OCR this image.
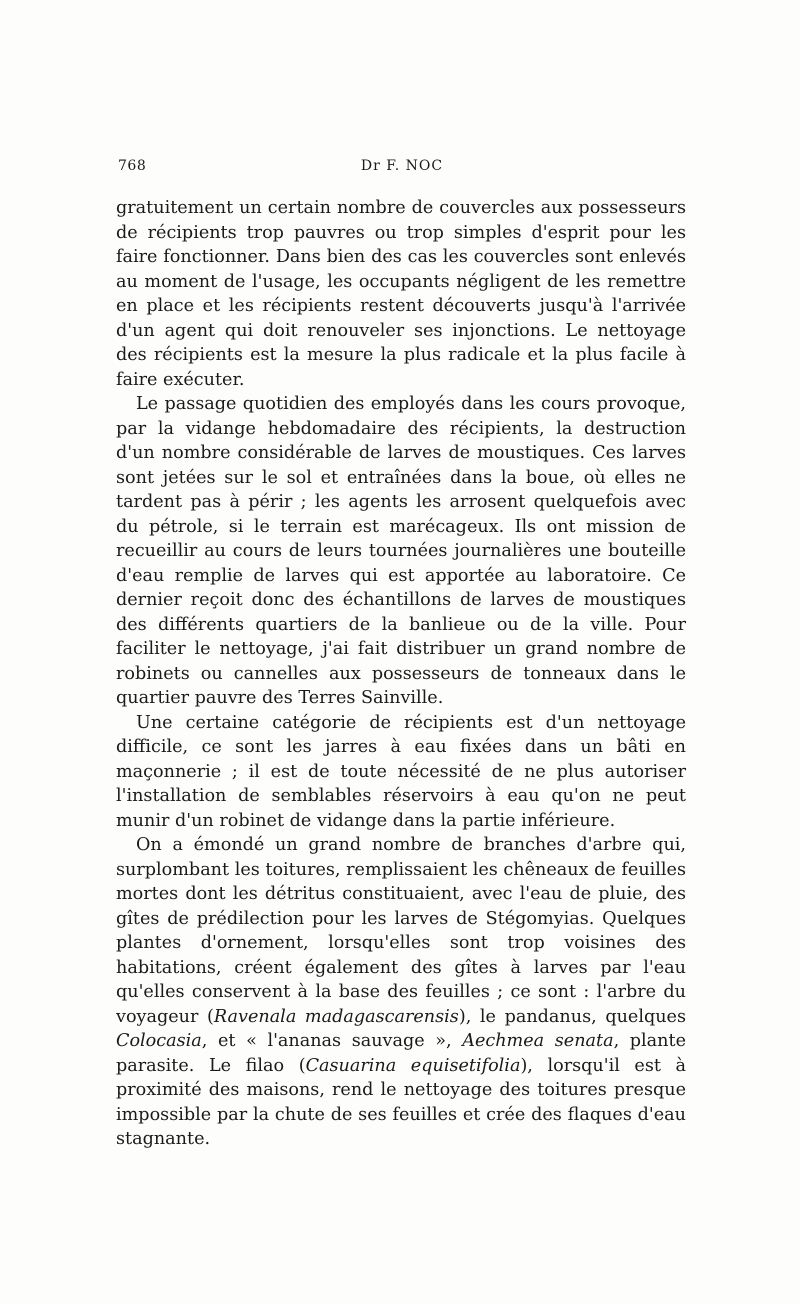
768	Dr F. NOC

gratuitement un certain nombre de couvercles aux possesseurs de récipients trop pauvres ou trop simples d'esprit pour les faire fonctionner. Dans bien des cas les couvercles sont enlevés au moment de l'usage, les occupants négligent de les remettre en place et les récipients restent découverts jusqu'à l'arrivée d'un agent qui doit renouveler ses injonctions. Le nettoyage des récipients est la mesure la plus radicale et la plus facile à faire exécuter.

Le passage quotidien des employés dans les cours provoque, par la vidange hebdomadaire des récipients, la destruction d'un nombre considérable de larves de moustiques. Ces larves sont jetées sur le sol et entraînées dans la boue, où elles ne tardent pas à périr ; les agents les arrosent quelquefois avec du pétrole, si le terrain est marécageux. Ils ont mission de recueillir au cours de leurs tournées journalières une bouteille d'eau remplie de larves qui est apportée au laboratoire. Ce dernier reçoit donc des échantillons de larves de moustiques des différents quartiers de la banlieue ou de la ville. Pour faciliter le nettoyage, j'ai fait distribuer un grand nombre de robinets ou cannelles aux possesseurs de tonneaux dans le quartier pauvre des Terres Sainville.

Une certaine catégorie de récipients est d'un nettoyage difficile, ce sont les jarres à eau fixées dans un bâti en maçonnerie ; il est de toute nécessité de ne plus autoriser l'installation de semblables réservoirs à eau qu'on ne peut munir d'un robinet de vidange dans la partie inférieure.

On a émondé un grand nombre de branches d'arbre qui, surplombant les toitures, remplissaient les chêneaux de feuilles mortes dont les détritus constituaient, avec l'eau de pluie, des gîtes de prédilection pour les larves de Stégomyias. Quelques plantes d'ornement, lorsqu'elles sont trop voisines des habitations, créent également des gîtes à larves par l'eau qu'elles conservent à la base des feuilles ; ce sont : l'arbre du voyageur (Ravenala madagascarensis), le pandanus, quelques Colocasia, et « l'ananas sauvage », Aechmea senata, plante parasite. Le filao (Casuarina equisetifolia), lorsqu'il est à proximité des maisons, rend le nettoyage des toitures presque impossible par la chute de ses feuilles et crée des flaques d'eau stagnante.
